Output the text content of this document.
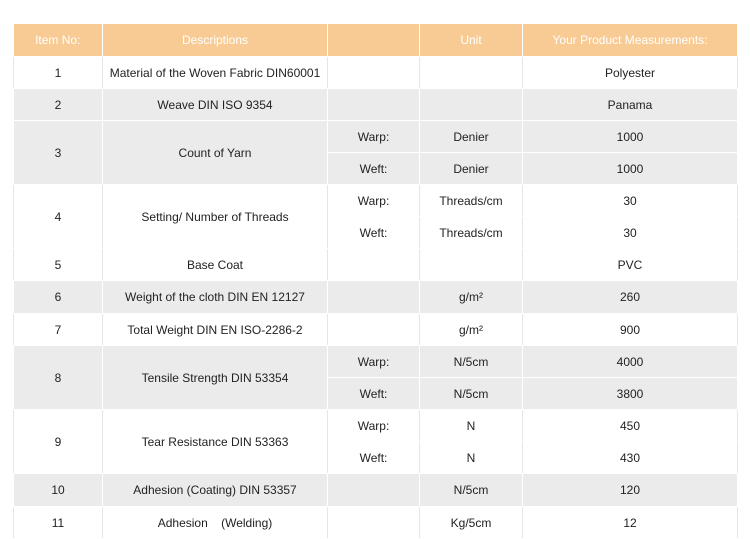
Item No:	Descriptions		Unit	Your Product Measurements:
1	Material of the Woven Fabric DIN60001			Polyester
2	Weave DIN ISO 9354			Panama
3	Count of Yarn	Warp:	Denier	1000
		Weft:	Denier	1000
4	Setting/ Number of Threads	Warp:	Threads/cm	30
		Weft:	Threads/cm	30
5	Base Coat			PVC
6	Weight of the cloth DIN EN 12127		g/m²	260
7	Total Weight DIN EN ISO-2286-2		g/m²	900
8	Tensile Strength DIN 53354	Warp:	N/5cm	4000
		Weft:	N/5cm	3800
9	Tear Resistance DIN 53363	Warp:	N	450
		Weft:	N	430
10	Adhesion (Coating) DIN 53357		N/5cm	120
11	Adhesion    (Welding)		Kg/5cm	12
